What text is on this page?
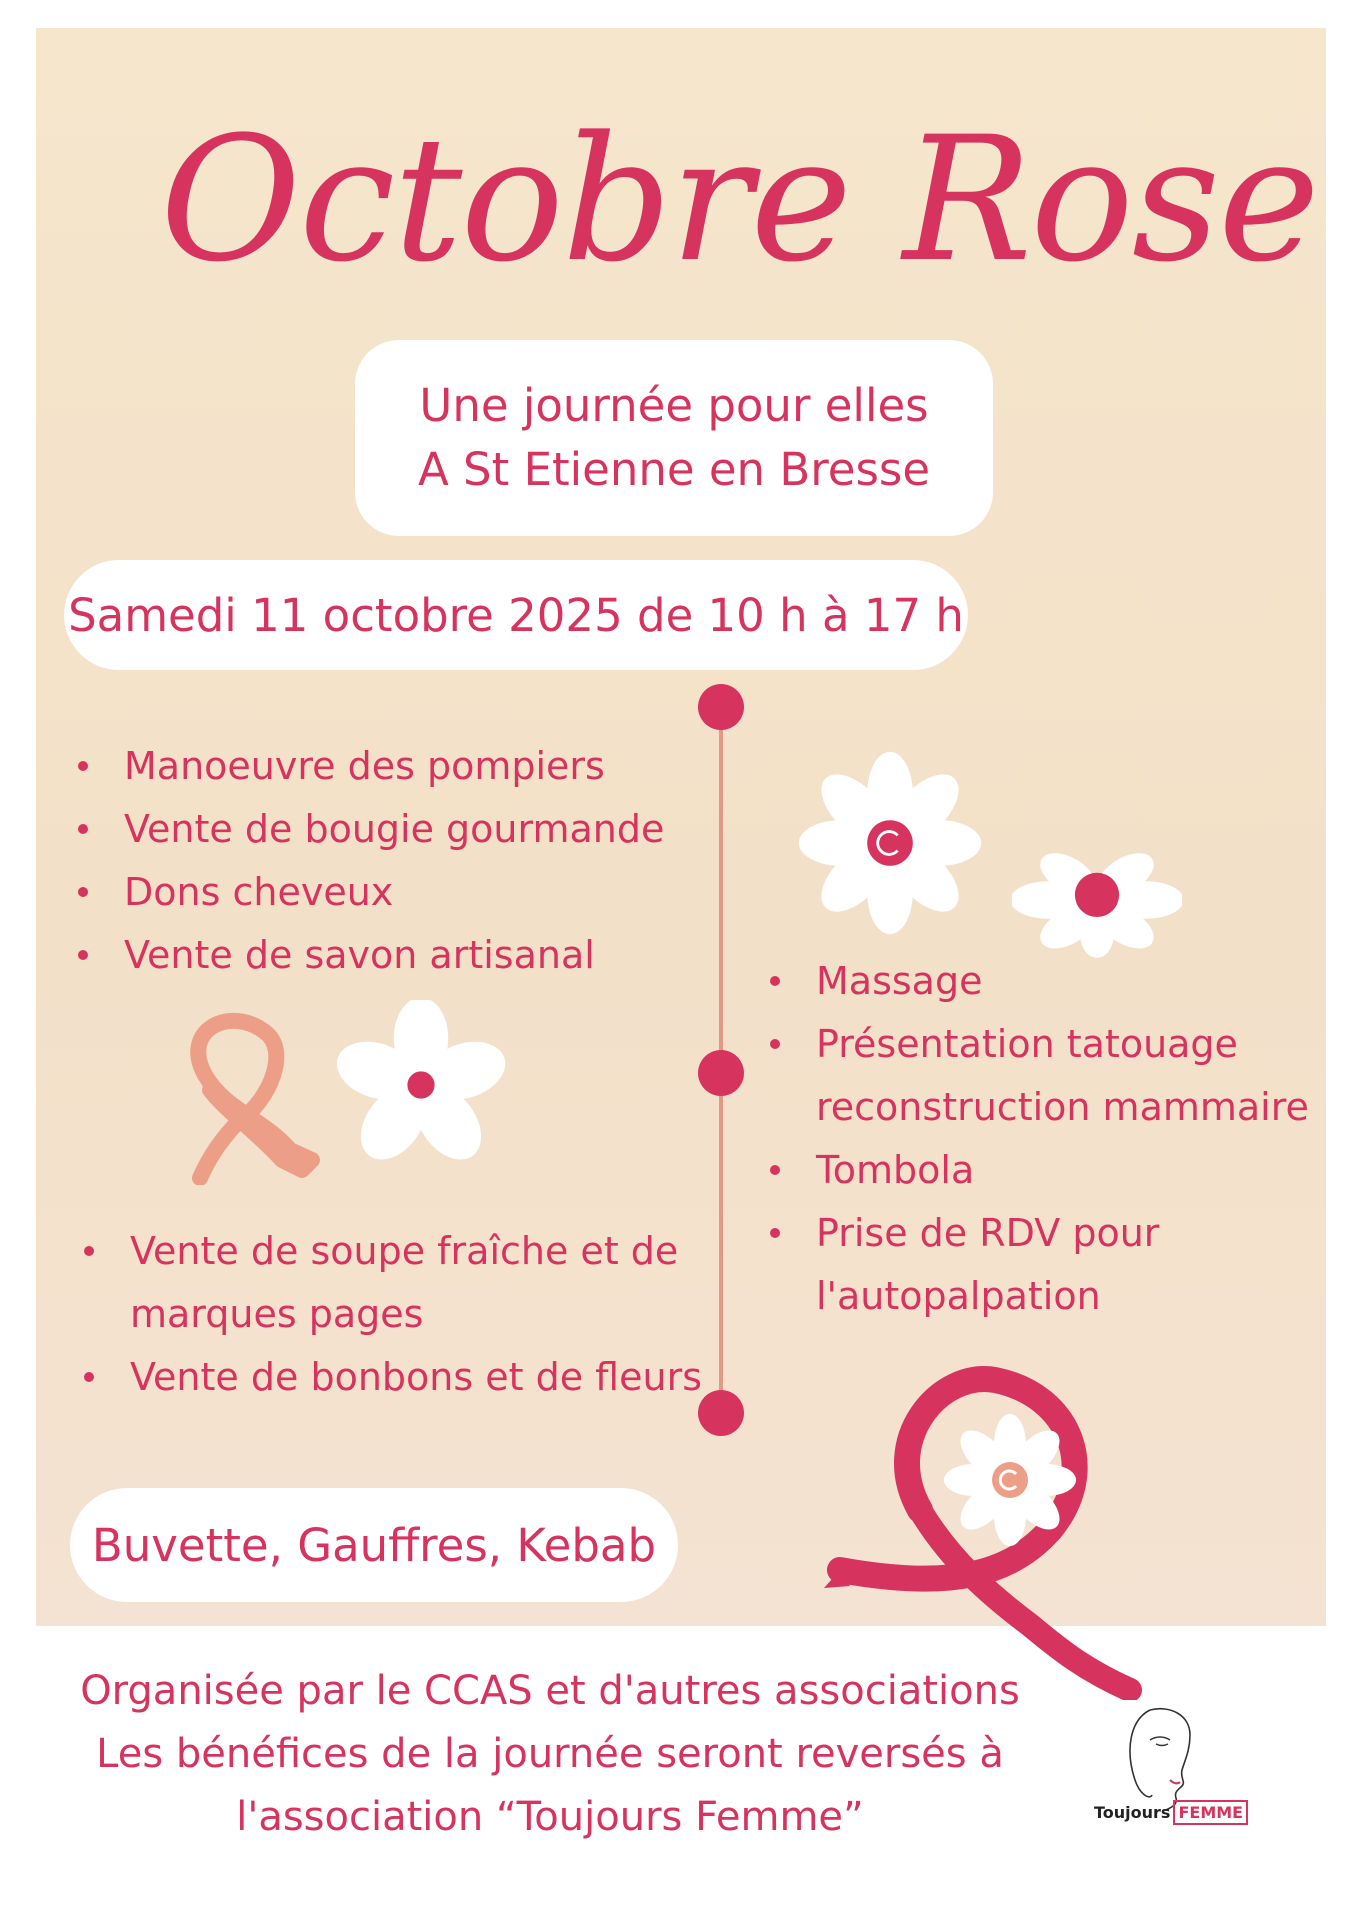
Octobre Rose
Une journée pour elles
A St Etienne en Bresse
Samedi 11 octobre 2025 de 10 h à 17 h
Manoeuvre des pompiers
Vente de bougie gourmande
Dons cheveux
Vente de savon artisanal
Vente de soupe fraîche et de marques pages
Vente de bonbons et de fleurs
Massage
Présentation tatouage reconstruction mammaire
Tombola
Prise de RDV pour l'autopalpation
Buvette, Gauffres, Kebab
Organisée par le CCAS et d'autres associations
Les bénéfices de la journée seront reversés à
l'association “Toujours Femme”	Toujours FEMME
